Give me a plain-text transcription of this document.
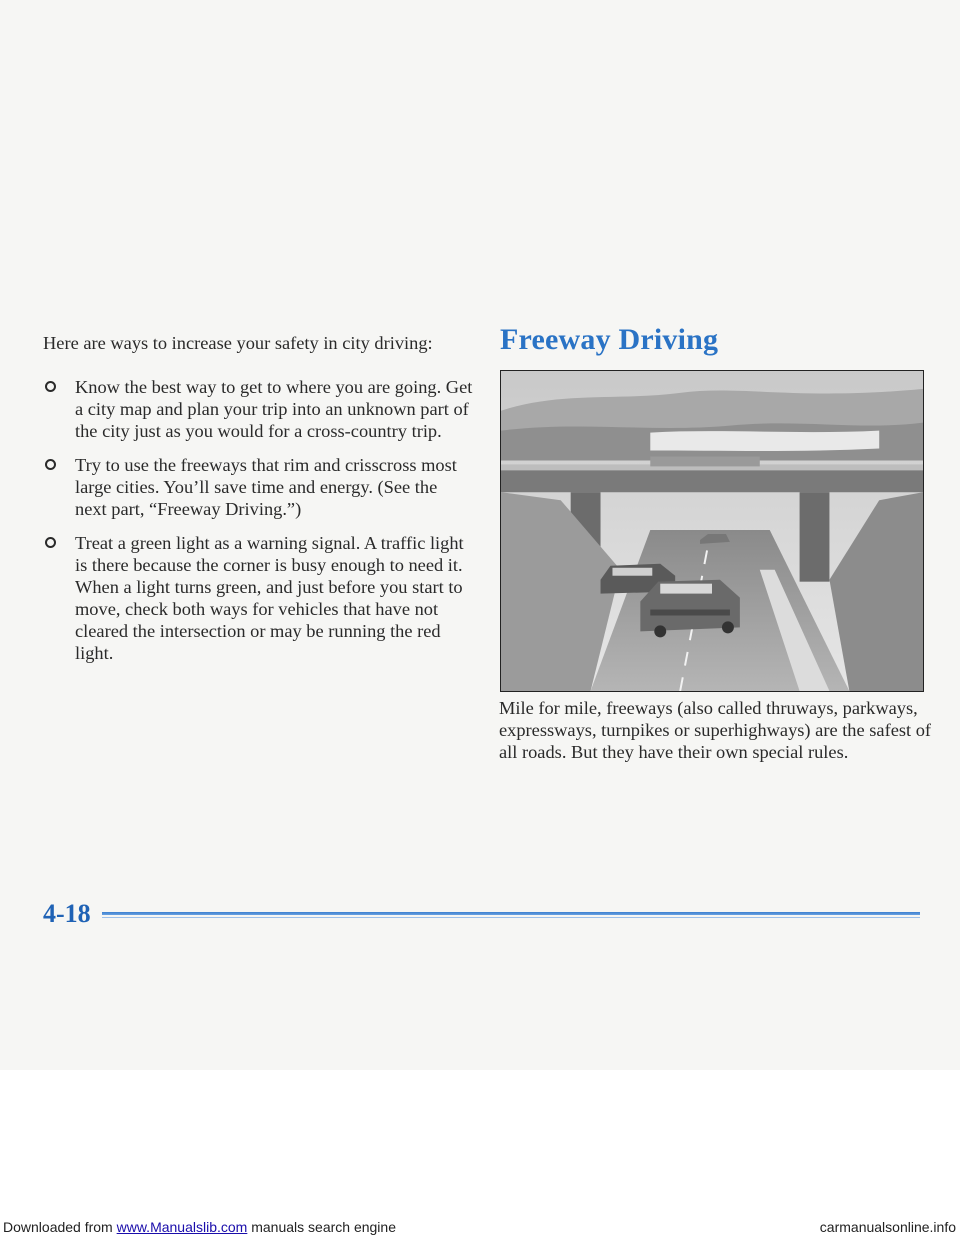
Here are ways to increase your safety in city driving:

Know the best way to get to where you are going. Get a city map and plan your trip into an unknown part of the city just as you would for a cross-country trip.
Try to use the freeways that rim and crisscross most large cities. You’ll save time and energy. (See the next part, “Freeway Driving.”)
Treat a green light as a warning signal. A traffic light is there because the corner is busy enough to need it. When a light turns green, and just before you start to move, check both ways for vehicles that have not cleared the intersection or may be running the red light.
Freeway Driving

Mile for mile, freeways (also called thruways, parkways, expressways, turnpikes or superhighways) are the safest of all roads. But they have their own special rules.

4-18

Downloaded from www.Manualslib.com manuals search engine	carmanualsonline.info
